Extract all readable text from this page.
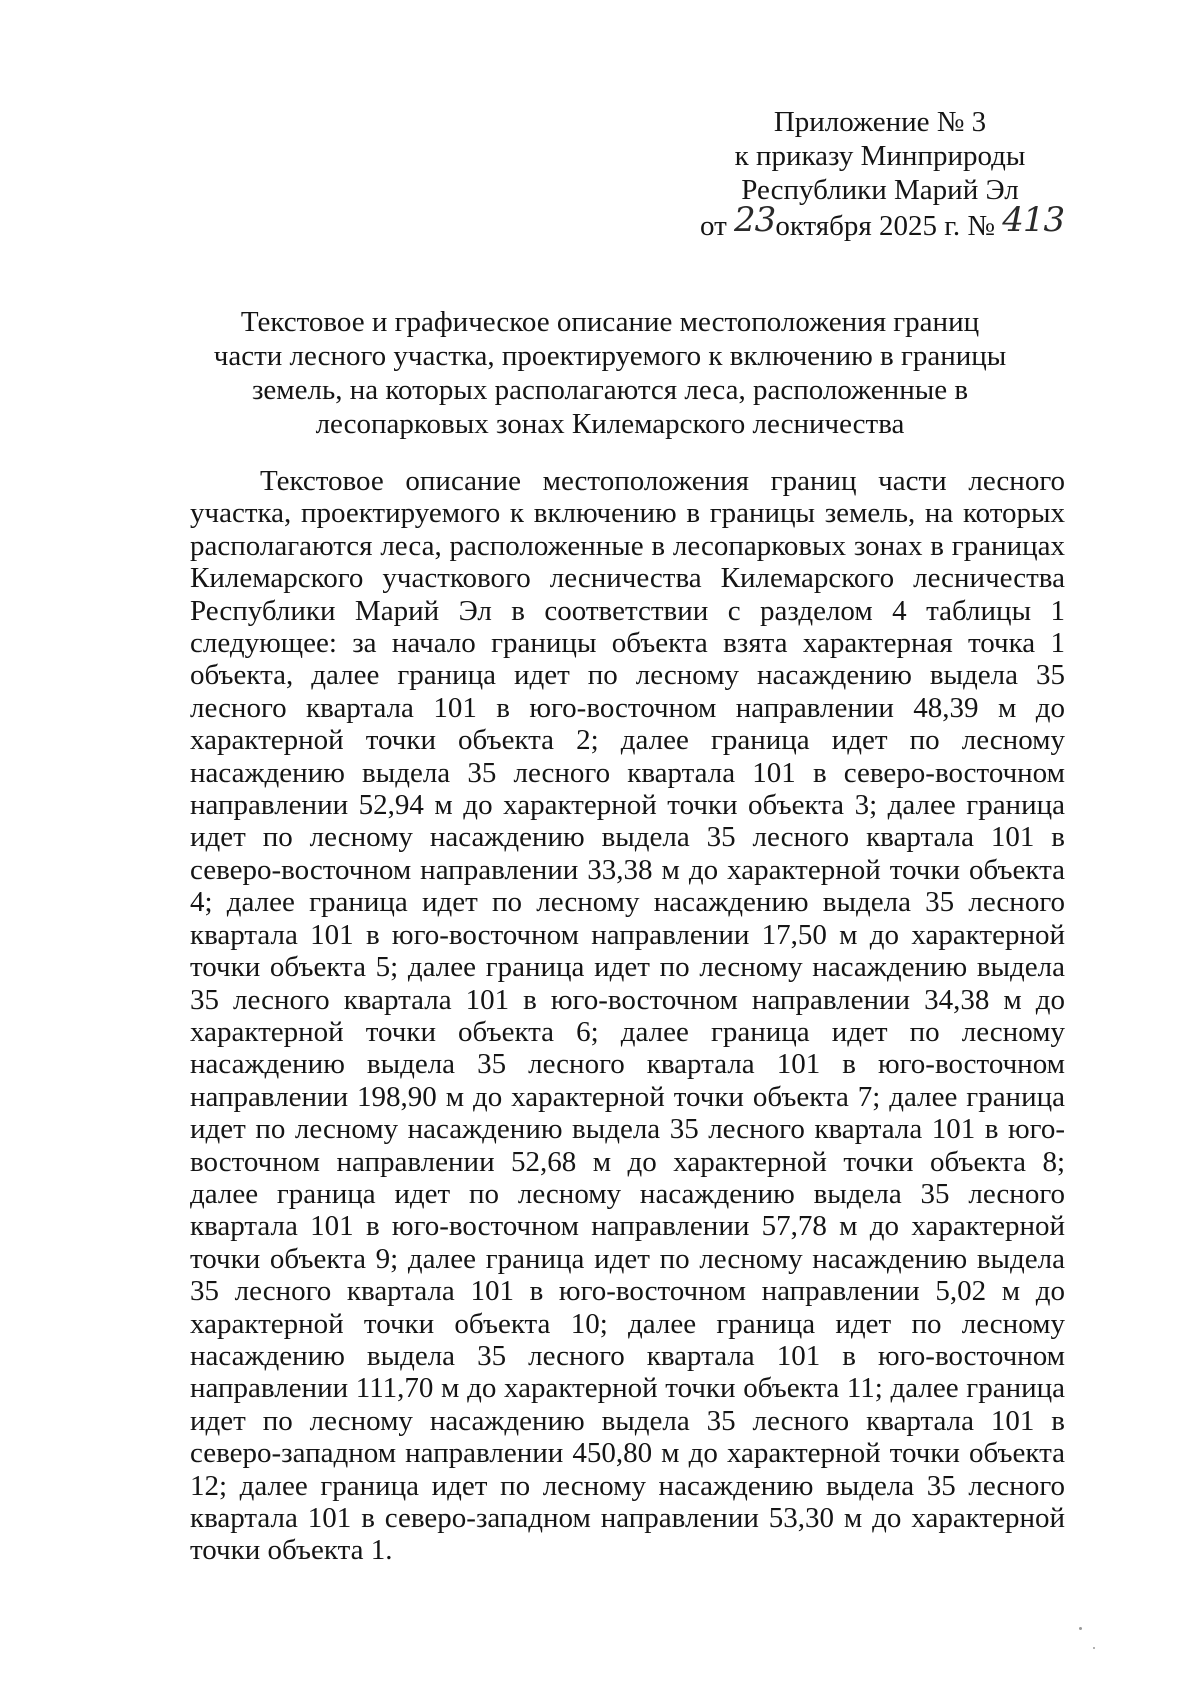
Приложение № 3
к приказу Минприроды
Республики Марий Эл
от 23октября 2025 г. № 413
Текстовое и графическое описание местоположения границ
части лесного участка, проектируемого к включению в границы
земель, на которых располагаются леса, расположенные в
лесопарковых зонах Килемарского лесничества

Текстовое описание местоположения границ части лесного участка, проектируемого к включению в границы земель, на которых располагаются леса, расположенные в лесопарковых зонах в границах Килемарского участкового лесничества Килемарского лесничества Республики Марий Эл в соответствии с разделом 4 таблицы 1 следующее: за начало границы объекта взята характерная точка 1 объекта, далее граница идет по лесному насаждению выдела 35 лесного квартала 101 в юго-восточном направлении 48,39 м до характерной точки объекта 2; далее граница идет по лесному насаждению выдела 35 лесного квартала 101 в северо-восточном направлении 52,94 м до характерной точки объекта 3; далее граница идет по лесному насаждению выдела 35 лесного квартала 101 в северо-восточном направлении 33,38 м до характерной точки объекта 4; далее граница идет по лесному насаждению выдела 35 лесного квартала 101 в юго-восточном направлении 17,50 м до характерной точки объекта 5; далее граница идет по лесному насаждению выдела 35 лесного квартала 101 в юго-восточном направлении 34,38 м до характерной точки объекта 6; далее граница идет по лесному насаждению выдела 35 лесного квартала 101 в юго-восточном направлении 198,90 м до характерной точки объекта 7; далее граница идет по лесному насаждению выдела 35 лесного квартала 101 в юго-восточном направлении 52,68 м до характерной точки объекта 8; далее граница идет по лесному насаждению выдела 35 лесного квартала 101 в юго-восточном направлении 57,78 м до характерной точки объекта 9; далее граница идет по лесному насаждению выдела 35 лесного квартала 101 в юго-восточном направлении 5,02 м до характерной точки объекта 10; далее граница идет по лесному насаждению выдела 35 лесного квартала 101 в юго-восточном направлении 111,70 м до характерной точки объекта 11; далее граница идет по лесному насаждению выдела 35 лесного квартала 101 в северо-западном направлении 450,80 м до характерной точки объекта 12; далее граница идет по лесному насаждению выдела 35 лесного квартала 101 в северо-западном направлении 53,30 м до характерной точки объекта 1.
